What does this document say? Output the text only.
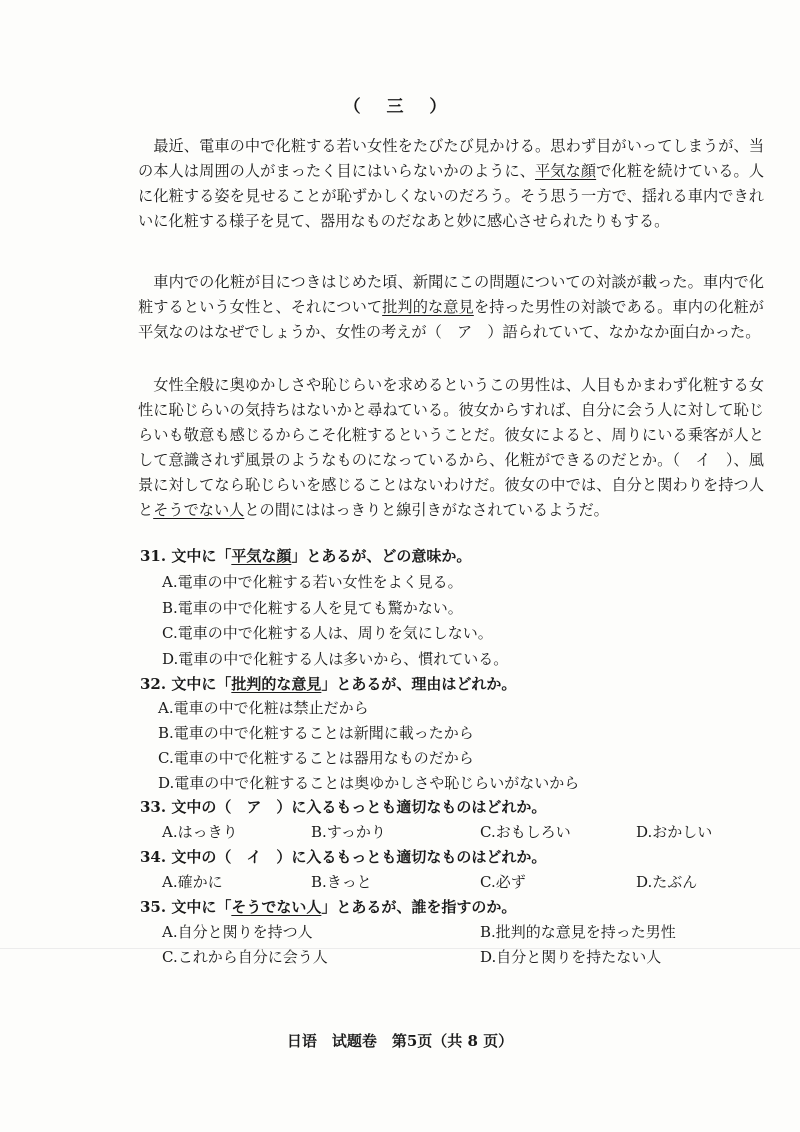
（ 三 ）

　最近、電車の中で化粧する若い女性をたびたび見かける。思わず目がいってしまうが、当の本人は周囲の人がまったく目にはいらないかのように、平気な顔で化粧を続けている。人に化粧する姿を見せることが恥ずかしくないのだろう。そう思う一方で、揺れる車内できれいに化粧する様子を見て、器用なものだなあと妙に感心させられたりもする。

　車内での化粧が目につきはじめた頃、新聞にこの問題についての対談が載った。車内で化粧するという女性と、それについて批判的な意見を持った男性の対談である。車内の化粧が平気なのはなぜでしょうか、女性の考えが（　ア　）語られていて、なかなか面白かった。

　女性全般に奥ゆかしさや恥じらいを求めるというこの男性は、人目もかまわず化粧する女性に恥じらいの気持ちはないかと尋ねている。彼女からすれば、自分に会う人に対して恥じらいも敬意も感じるからこそ化粧するということだ。彼女によると、周りにいる乗客が人として意識されず風景のようなものになっているから、化粧ができるのだとか。（　イ　）、風景に対してなら恥じらいを感じることはないわけだ。彼女の中では、自分と関わりを持つ人とそうでない人との間にははっきりと線引きがなされているようだ。

31. 文中に「平気な顔」とあるが、どの意味か。
A.電車の中で化粧する若い女性をよく見る。
B.電車の中で化粧する人を見ても驚かない。
C.電車の中で化粧する人は、周りを気にしない。
D.電車の中で化粧する人は多いから、慣れている。
32. 文中に「批判的な意見」とあるが、理由はどれか。
A.電車の中で化粧は禁止だから
B.電車の中で化粧することは新聞に載ったから
C.電車の中で化粧することは器用なものだから
D.電車の中で化粧することは奥ゆかしさや恥じらいがないから
33. 文中の（　ア　）に入るもっとも適切なものはどれか。
A.はっきり	B.すっかり	C.おもしろい	D.おかしい
34. 文中の（　イ　）に入るもっとも適切なものはどれか。
A.確かに	B.きっと	C.必ず	D.たぶん
35. 文中に「そうでない人」とあるが、誰を指すのか。
A.自分と関りを持つ人	B.批判的な意見を持った男性
C.これから自分に会う人	D.自分と関りを持たない人
日语　试题卷　第5页（共 8 页）
